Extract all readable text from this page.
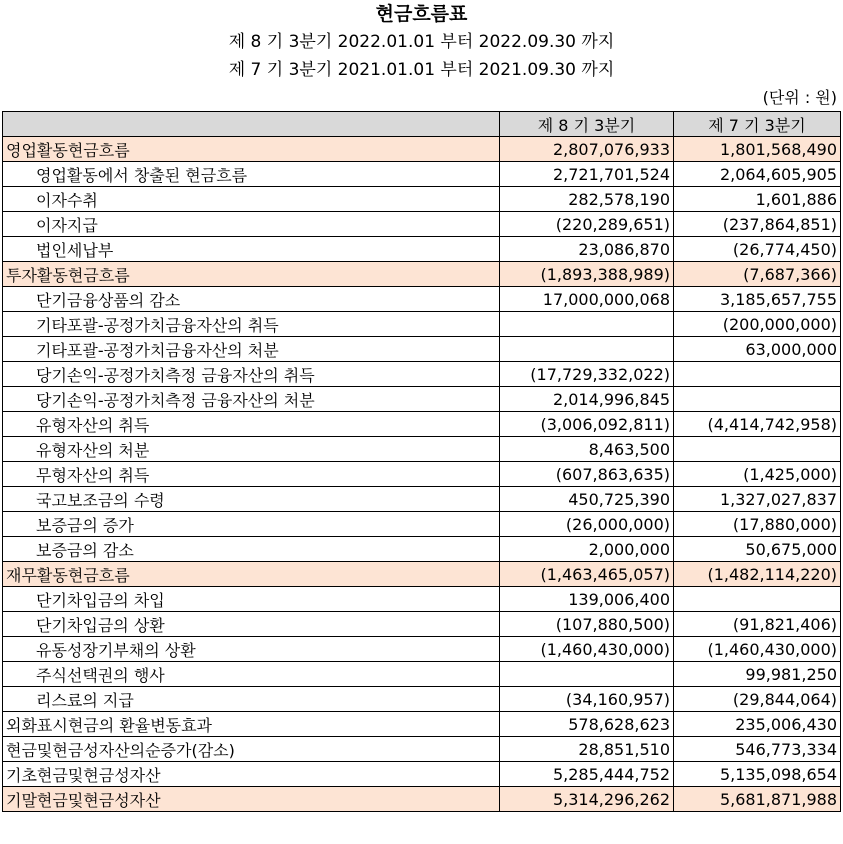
현금흐름표
제 8 기 3분기 2022.01.01 부터 2022.09.30 까지
제 7 기 3분기 2021.01.01 부터 2021.09.30 까지
(단위 : 원)
	제 8 기 3분기	제 7 기 3분기
영업활동현금흐름	2,807,076,933	1,801,568,490
영업활동에서 창출된 현금흐름	2,721,701,524	2,064,605,905
이자수취	282,578,190	1,601,886
이자지급	(220,289,651)	(237,864,851)
법인세납부	23,086,870	(26,774,450)
투자활동현금흐름	(1,893,388,989)	(7,687,366)
단기금융상품의 감소	17,000,000,068	3,185,657,755
기타포괄-공정가치금융자산의 취득		(200,000,000)
기타포괄-공정가치금융자산의 처분		63,000,000
당기손익-공정가치측정 금융자산의 취득	(17,729,332,022)	
당기손익-공정가치측정 금융자산의 처분	2,014,996,845	
유형자산의 취득	(3,006,092,811)	(4,414,742,958)
유형자산의 처분	8,463,500	
무형자산의 취득	(607,863,635)	(1,425,000)
국고보조금의 수령	450,725,390	1,327,027,837
보증금의 증가	(26,000,000)	(17,880,000)
보증금의 감소	2,000,000	50,675,000
재무활동현금흐름	(1,463,465,057)	(1,482,114,220)
단기차입금의 차입	139,006,400	
단기차입금의 상환	(107,880,500)	(91,821,406)
유동성장기부채의 상환	(1,460,430,000)	(1,460,430,000)
주식선택권의 행사		99,981,250
리스료의 지급	(34,160,957)	(29,844,064)
외화표시현금의 환율변동효과	578,628,623	235,006,430
현금및현금성자산의순증가(감소)	28,851,510	546,773,334
기초현금및현금성자산	5,285,444,752	5,135,098,654
기말현금및현금성자산	5,314,296,262	5,681,871,988
